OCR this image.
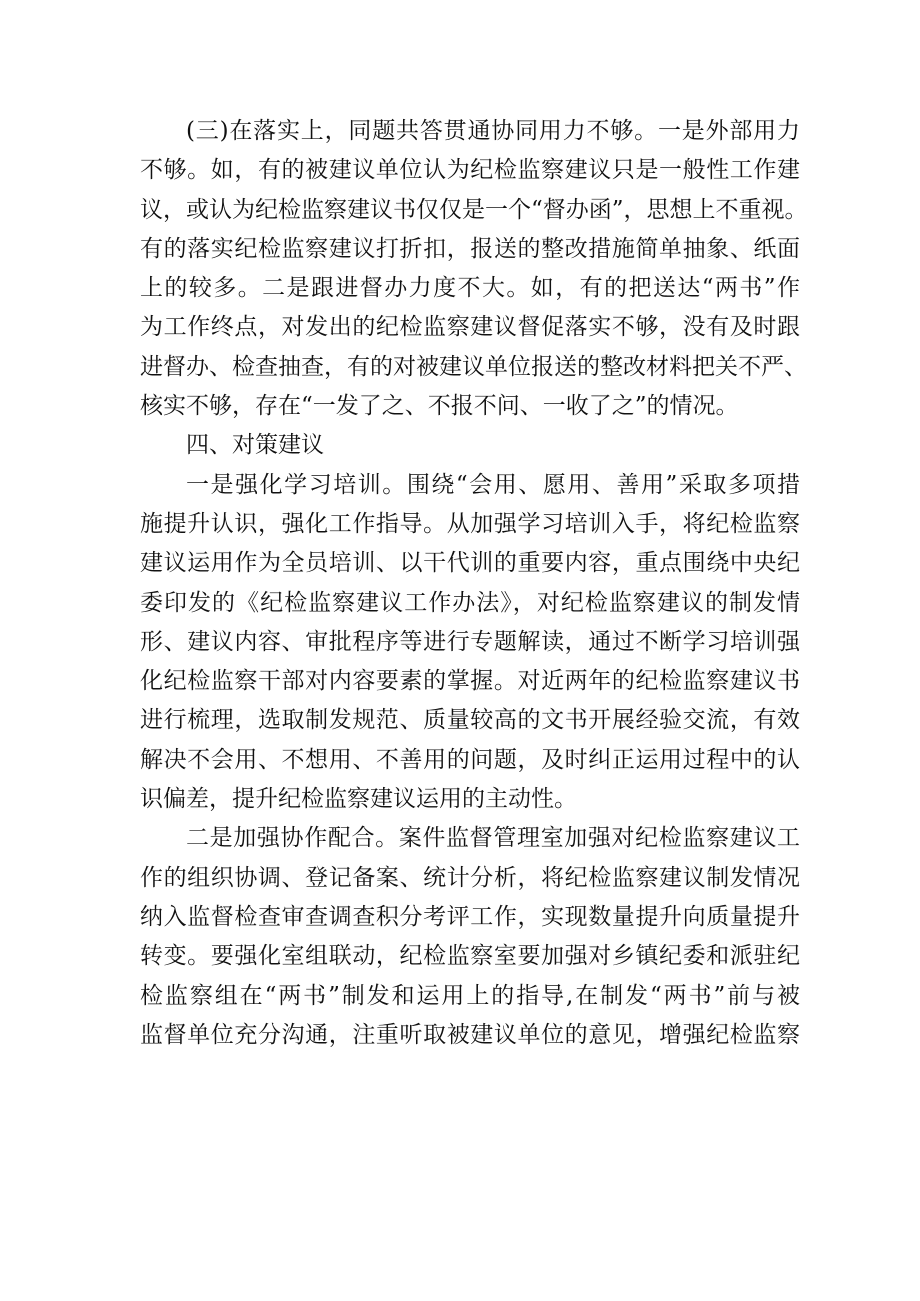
(三)在落实上，同题共答贯通协同用力不够。一是外部用力
不够。如，有的被建议单位认为纪检监察建议只是一般性工作建
议，或认为纪检监察建议书仅仅是一个“督办函”，思想上不重视。
有的落实纪检监察建议打折扣，报送的整改措施简单抽象、纸面
上的较多。二是跟进督办力度不大。如，有的把送达“两书”作
为工作终点，对发出的纪检监察建议督促落实不够，没有及时跟
进督办、检查抽查，有的对被建议单位报送的整改材料把关不严、
核实不够，存在“一发了之、不报不问、一收了之”的情况。
四、对策建议
一是强化学习培训。围绕“会用、愿用、善用”采取多项措
施提升认识，强化工作指导。从加强学习培训入手，将纪检监察
建议运用作为全员培训、以干代训的重要内容，重点围绕中央纪
委印发的《纪检监察建议工作办法》，对纪检监察建议的制发情
形、建议内容、审批程序等进行专题解读，通过不断学习培训强
化纪检监察干部对内容要素的掌握。对近两年的纪检监察建议书
进行梳理，选取制发规范、质量较高的文书开展经验交流，有效
解决不会用、不想用、不善用的问题，及时纠正运用过程中的认
识偏差，提升纪检监察建议运用的主动性。
二是加强协作配合。案件监督管理室加强对纪检监察建议工
作的组织协调、登记备案、统计分析，将纪检监察建议制发情况
纳入监督检查审查调查积分考评工作，实现数量提升向质量提升
转变。要强化室组联动，纪检监察室要加强对乡镇纪委和派驻纪
检监察组在“两书”制发和运用上的指导,在制发“两书”前与被
监督单位充分沟通，注重听取被建议单位的意见，增强纪检监察
